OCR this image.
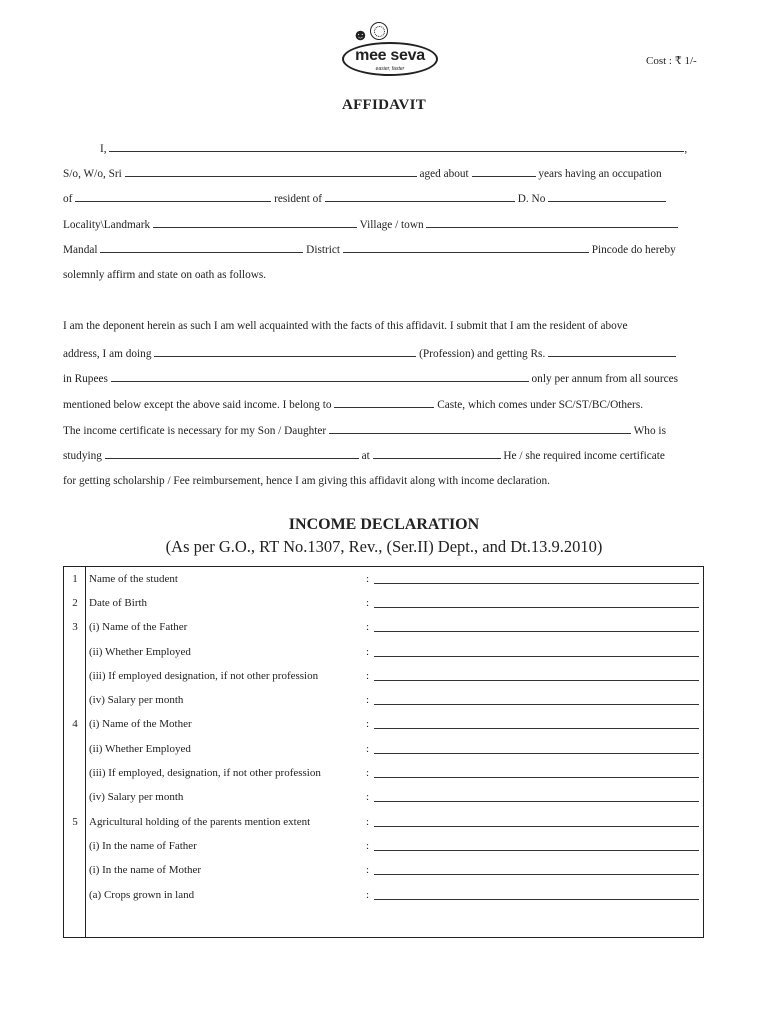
☻
mee seva
easier, faster
Cost : ₹ 1/-
AFFIDAVIT
I,	,
S/o, W/o, Sri	aged about	years having an occupation
of	resident of	D. No
Locality\Landmark	Village / town
Mandal	District	Pincode do hereby
solemnly affirm and state on oath as follows.
I am the deponent herein as such I am well acquainted with the facts of this affidavit. I submit that I am the resident of above
address, I am doing	(Profession) and getting Rs.
in Rupees	only per annum from all sources
mentioned below except the above said income. I belong to	Caste, which comes under SC/ST/BC/Others.
The income certificate is necessary for my Son / Daughter	Who is
studying	at	He / she required income certificate
for getting scholarship / Fee reimbursement, hence I am giving this affidavit along with income declaration.
INCOME DECLARATION
(As per G.O., RT No.1307, Rev., (Ser.II) Dept., and Dt.13.9.2010)
1	Name of the student	:
2	Date of Birth	:
3	(i) Name of the Father	:
(ii) Whether Employed	:
(iii) If employed designation, if not other profession	:
(iv) Salary per month	:
4	(i) Name of the Mother	:
(ii) Whether Employed	:
(iii) If employed, designation, if not other profession	:
(iv) Salary per month	:
5	Agricultural holding of the parents mention extent	:
(i) In the name of Father	:
(i) In the name of Mother	:
(a) Crops grown in land	:
